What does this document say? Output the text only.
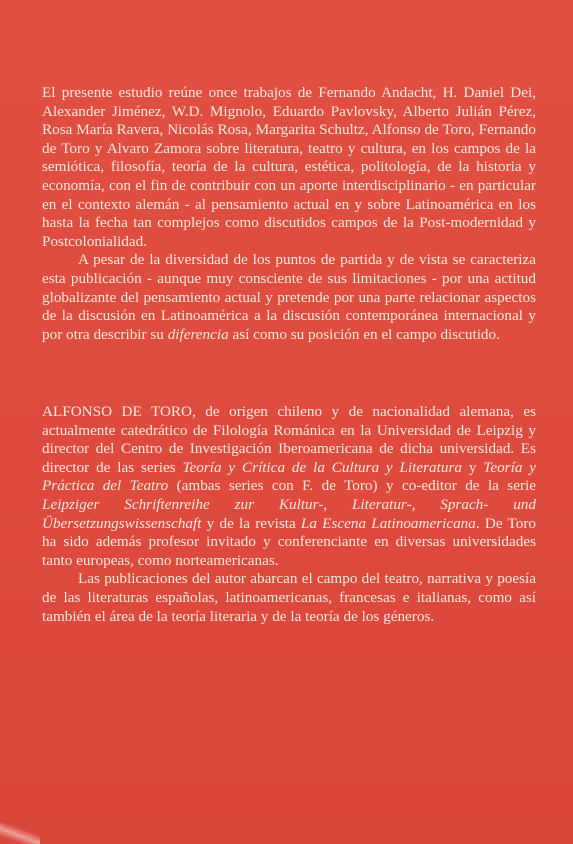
El presente estudio reúne once trabajos de Fernando Andacht, H. Daniel Dei, Alexander Jiménez, W.D. Mignolo, Eduardo Pavlovsky, Alberto Julián Pérez, Rosa María Ravera, Nicolás Rosa, Margarita Schultz, Alfonso de Toro, Fernando de Toro y Alvaro Zamora sobre literatura, teatro y cultura, en los campos de la semiótica, filosofía, teoría de la cultura, estética, politología, de la historia y economía, con el fin de contribuir con un aporte interdisciplinario - en particular en el contexto alemán - al pensamiento actual en y sobre Latinoamérica en los hasta la fecha tan complejos como discutidos campos de la Post-modernidad y Postcolonialidad.

A pesar de la diversidad de los puntos de partida y de vista se caracteriza esta publicación - aunque muy consciente de sus limitaciones - por una actitud globalizante del pensamiento actual y pretende por una parte relacionar aspectos de la discusión en Latinoamérica a la discusión contemporánea internacional y por otra describir su diferencia así como su posición en el campo discutido.

ALFONSO DE TORO, de origen chileno y de nacionalidad alemana, es actualmente catedrático de Filología Románica en la Universidad de Leipzig y director del Centro de Investigación Iberoamericana de dicha universidad. Es director de las series Teoría y Crítica de la Cultura y Literatura y Teoría y Práctica del Teatro (ambas series con F. de Toro) y co-editor de la serie Leipziger Schriftenreihe zur Kultur-, Literatur-, Sprach- und Übersetzungswissenschaft y de la revista La Escena Latinoamericana. De Toro ha sido además profesor invitado y conferenciante en diversas universidades tanto europeas, como norteamericanas.

Las publicaciones del autor abarcan el campo del teatro, narrativa y poesía de las literaturas españolas, latinoamericanas, francesas e italianas, como así también el área de la teoría literaria y de la teoría de los géneros.
